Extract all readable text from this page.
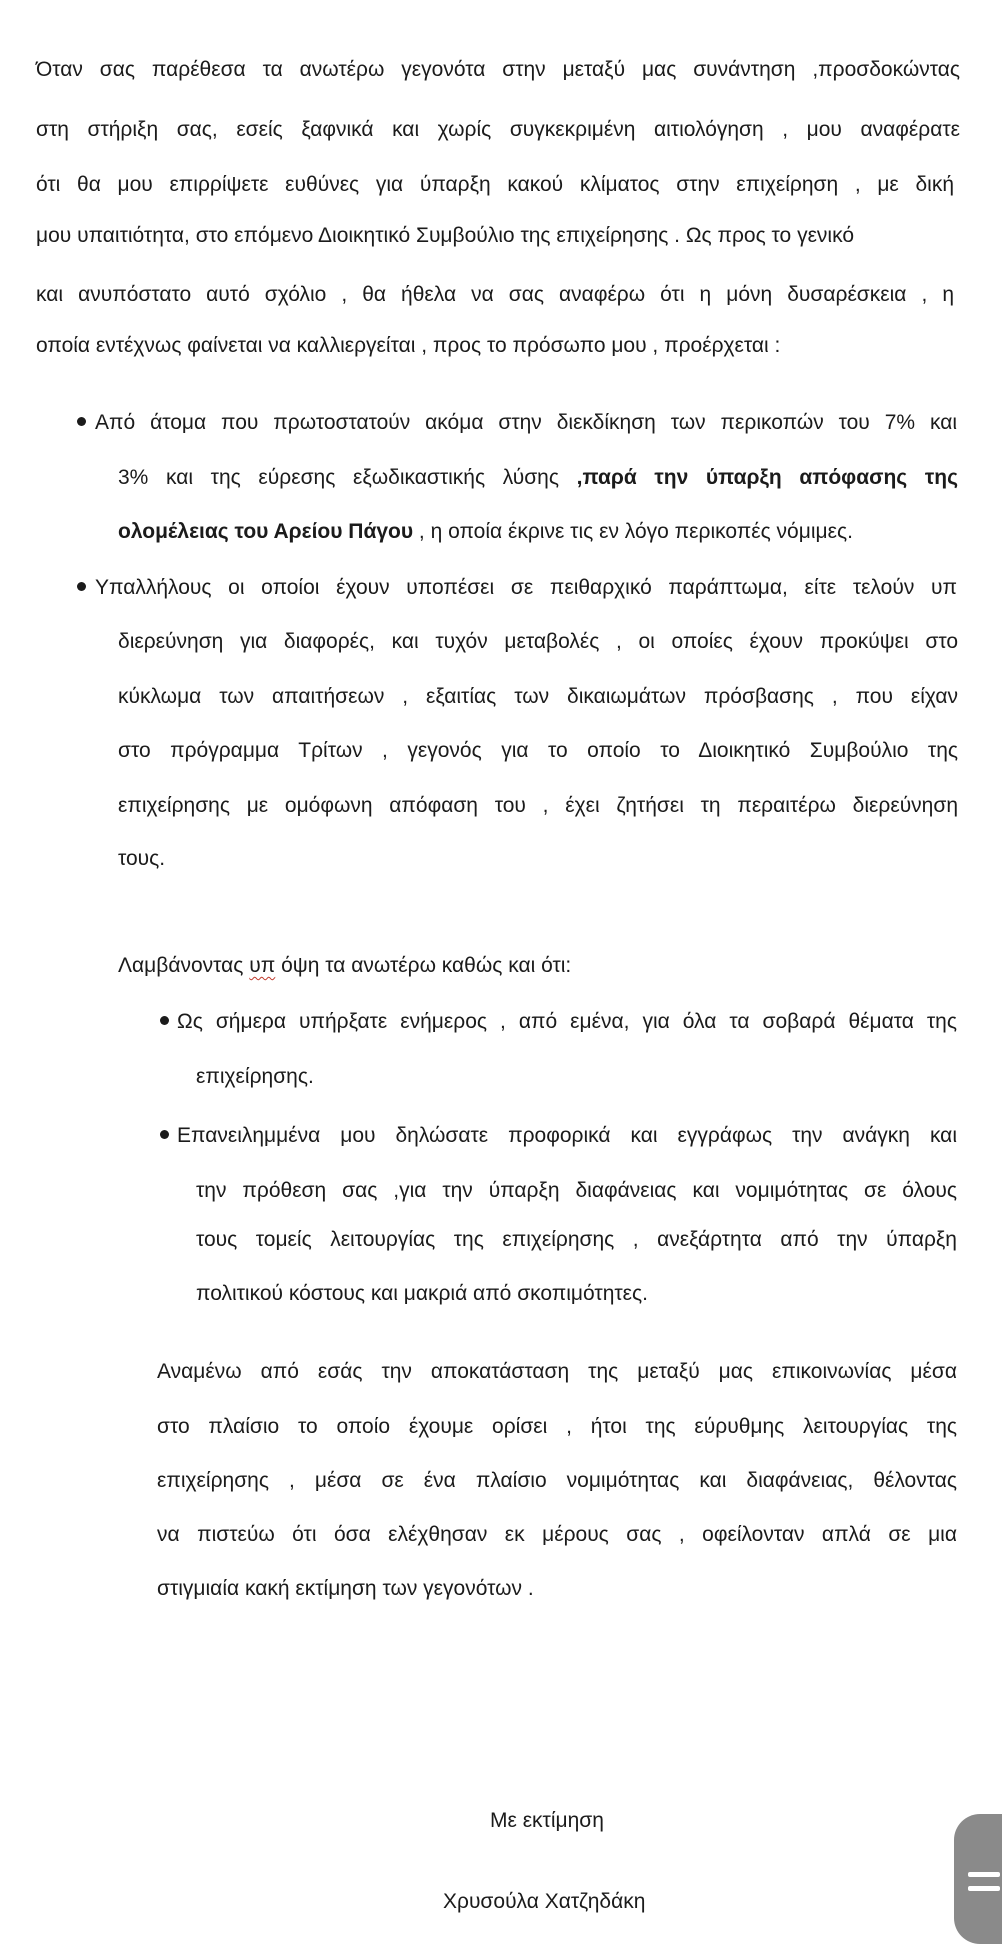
Όταν σας παρέθεσα τα ανωτέρω γεγονότα στην μεταξύ μας συνάντηση ,προσδοκώντας
στη στήριξη σας, εσείς ξαφνικά και χωρίς συγκεκριμένη αιτιολόγηση , μου αναφέρατε
ότι θα μου επιρρίψετε ευθύνες για ύπαρξη κακού κλίματος στην επιχείρηση , με δική
μου υπαιτιότητα, στο επόμενο Διοικητικό Συμβούλιο της επιχείρησης . Ως προς το γενικό
και ανυπόστατο αυτό σχόλιο , θα ήθελα να σας αναφέρω ότι η μόνη δυσαρέσκεια , η
οποία εντέχνως φαίνεται να καλλιεργείται , προς το πρόσωπο μου , προέρχεται :
Από άτομα που πρωτοστατούν ακόμα στην διεκδίκηση των περικοπών του 7% και
3% και της εύρεσης εξωδικαστικής λύσης ,παρά την ύπαρξη απόφασης της
ολομέλειας του Αρείου Πάγου , η οποία έκρινε τις εν λόγο περικοπές νόμιμες.
Υπαλλήλους οι οποίοι έχουν υποπέσει σε πειθαρχικό παράπτωμα, είτε τελούν υπ
διερεύνηση για διαφορές, και τυχόν μεταβολές , οι οποίες έχουν προκύψει στο
κύκλωμα των απαιτήσεων , εξαιτίας των δικαιωμάτων πρόσβασης , που είχαν
στο πρόγραμμα Τρίτων , γεγονός για το οποίο το Διοικητικό Συμβούλιο της
επιχείρησης με ομόφωνη απόφαση του , έχει ζητήσει τη περαιτέρω διερεύνηση
τους.
Λαμβάνοντας υπ όψη τα ανωτέρω καθώς και ότι:
Ως σήμερα υπήρξατε ενήμερος , από εμένα, για όλα τα σοβαρά θέματα της
επιχείρησης.
Επανειλημμένα μου δηλώσατε προφορικά και εγγράφως την ανάγκη και
την πρόθεση σας ,για την ύπαρξη διαφάνειας και νομιμότητας σε όλους
τους τομείς λειτουργίας της επιχείρησης , ανεξάρτητα από την ύπαρξη
πολιτικού κόστους και μακριά από σκοπιμότητες.
Αναμένω από εσάς την αποκατάσταση της μεταξύ μας επικοινωνίας μέσα
στο πλαίσιο το οποίο έχουμε ορίσει , ήτοι της εύρυθμης λειτουργίας της
επιχείρησης , μέσα σε ένα πλαίσιο νομιμότητας και διαφάνειας, θέλοντας
να πιστεύω ότι όσα ελέχθησαν εκ μέρους σας , οφείλονταν απλά σε μια
στιγμιαία κακή εκτίμηση των γεγονότων .
Με εκτίμηση
Χρυσούλα Χατζηδάκη
